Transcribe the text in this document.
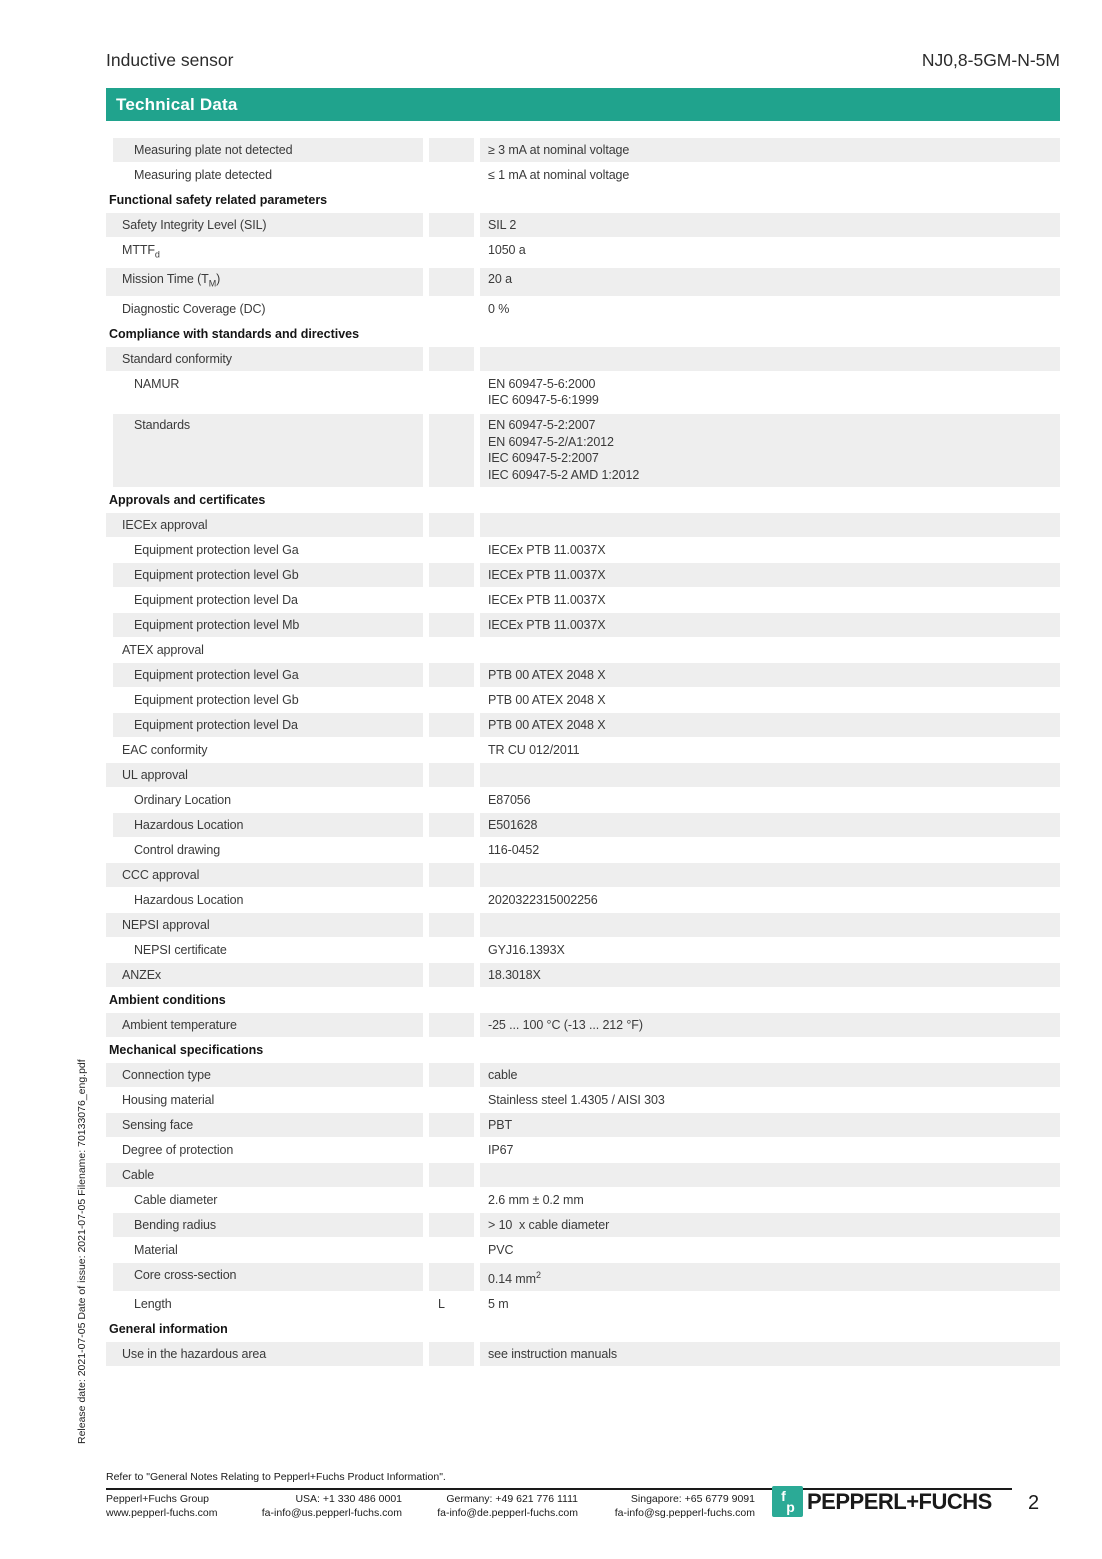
Inductive sensor	NJ0,8-5GM-N-5M
Technical Data
Measuring plate not detected	≥ 3 mA at nominal voltage
Measuring plate detected	≤ 1 mA at nominal voltage
Functional safety related parameters
Safety Integrity Level (SIL)	SIL 2
$MTTF_d$	1050 a
Mission Time $(T_M)$	20 a
Diagnostic Coverage (DC)	0 %
Compliance with standards and directives
Standard conformity
NAMUR	EN 60947-5-6:2000
IEC 60947-5-6:1999
Standards	EN 60947-5-2:2007
EN 60947-5-2/A1:2012
IEC 60947-5-2:2007
IEC 60947-5-2 AMD 1:2012
Approvals and certificates
IECEx approval
Equipment protection level Ga	IECEx PTB 11.0037X
Equipment protection level Gb	IECEx PTB 11.0037X
Equipment protection level Da	IECEx PTB 11.0037X
Equipment protection level Mb	IECEx PTB 11.0037X
ATEX approval
Equipment protection level Ga	PTB 00 ATEX 2048 X
Equipment protection level Gb	PTB 00 ATEX 2048 X
Equipment protection level Da	PTB 00 ATEX 2048 X
EAC conformity	TR CU 012/2011
UL approval
Ordinary Location	E87056
Hazardous Location	E501628
Control drawing	116-0452
CCC approval
Hazardous Location	2020322315002256
NEPSI approval
NEPSI certificate	GYJ16.1393X
ANZEx	18.3018X
Ambient conditions
Ambient temperature	-25 ... 100 °C (-13 ... 212 °F)
Mechanical specifications
Connection type	cable
Housing material	Stainless steel 1.4305 / AISI 303
Sensing face	PBT
Degree of protection	IP67
Cable
Cable diameter	2.6 mm ± 0.2 mm
Bending radius	> 10  x cable diameter
Material	PVC
Core cross-section	0.14 $mm^2$
Length	L	5 m
General information
Use in the hazardous area	see instruction manuals
Release date: 2021-07-05 Date of issue: 2021-07-05 Filename: 70133076_eng.pdf
Refer to "General Notes Relating to Pepperl+Fuchs Product Information".
Pepperl+Fuchs Group
www.pepperl-fuchs.com
USA: +1 330 486 0001
fa-info@us.pepperl-fuchs.com
Germany: +49 621 776 1111
fa-info@de.pepperl-fuchs.com
Singapore: +65 6779 9091
fa-info@sg.pepperl-fuchs.com
f
p PEPPERL+FUCHS 2
